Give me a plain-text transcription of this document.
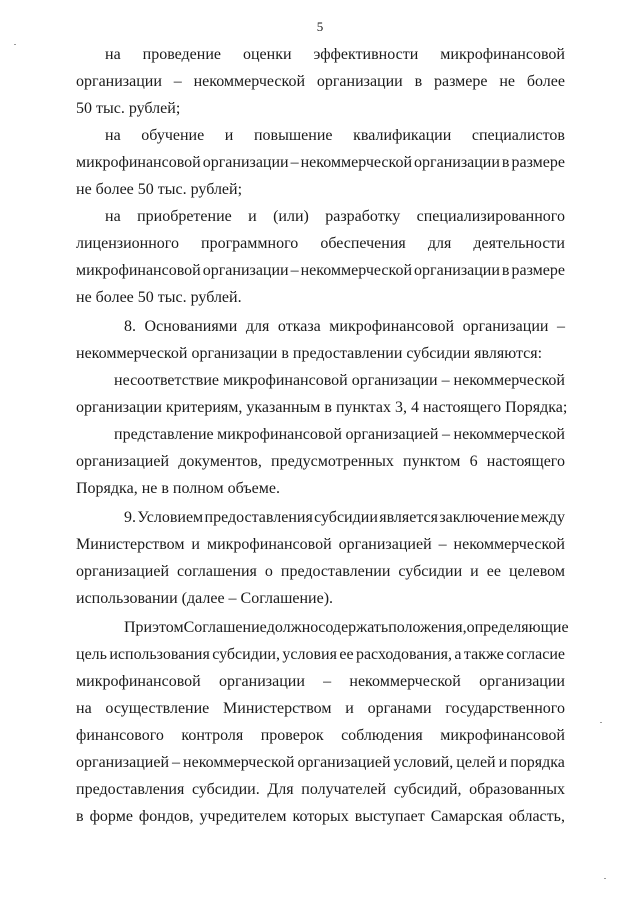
5
на проведение оценки эффективности микрофинансовой
организации – некоммерческой организации в размере не более
50 тыс. рублей;
на обучение и повышение квалификации специалистов
микрофинансовой организации – некоммерческой организации в размере
не более 50 тыс. рублей;
на приобретение и (или) разработку специализированного
лицензионного программного обеспечения для деятельности
микрофинансовой организации – некоммерческой организации в размере
не более 50 тыс. рублей.
8. Основаниями для отказа микрофинансовой организации –
некоммерческой организации в предоставлении субсидии являются:
несоответствие микрофинансовой организации – некоммерческой
организации критериям, указанным в пунктах 3, 4 настоящего Порядка;
представление микрофинансовой организацией – некоммерческой
организацией документов, предусмотренных пунктом 6 настоящего
Порядка, не в полном объеме.
9. Условием предоставления субсидии является заключение между
Министерством и микрофинансовой организацией – некоммерческой
организацией соглашения о предоставлении субсидии и ее целевом
использовании (далее – Соглашение).
При этом Соглашение должно содержать положения, определяющие
цель использования субсидии, условия ее расходования, а также согласие
микрофинансовой организации – некоммерческой организации
на осуществление Министерством и органами государственного
финансового контроля проверок соблюдения микрофинансовой
организацией – некоммерческой организацией условий, целей и порядка
предоставления субсидии. Для получателей субсидий, образованных
в форме фондов, учредителем которых выступает Самарская область,
